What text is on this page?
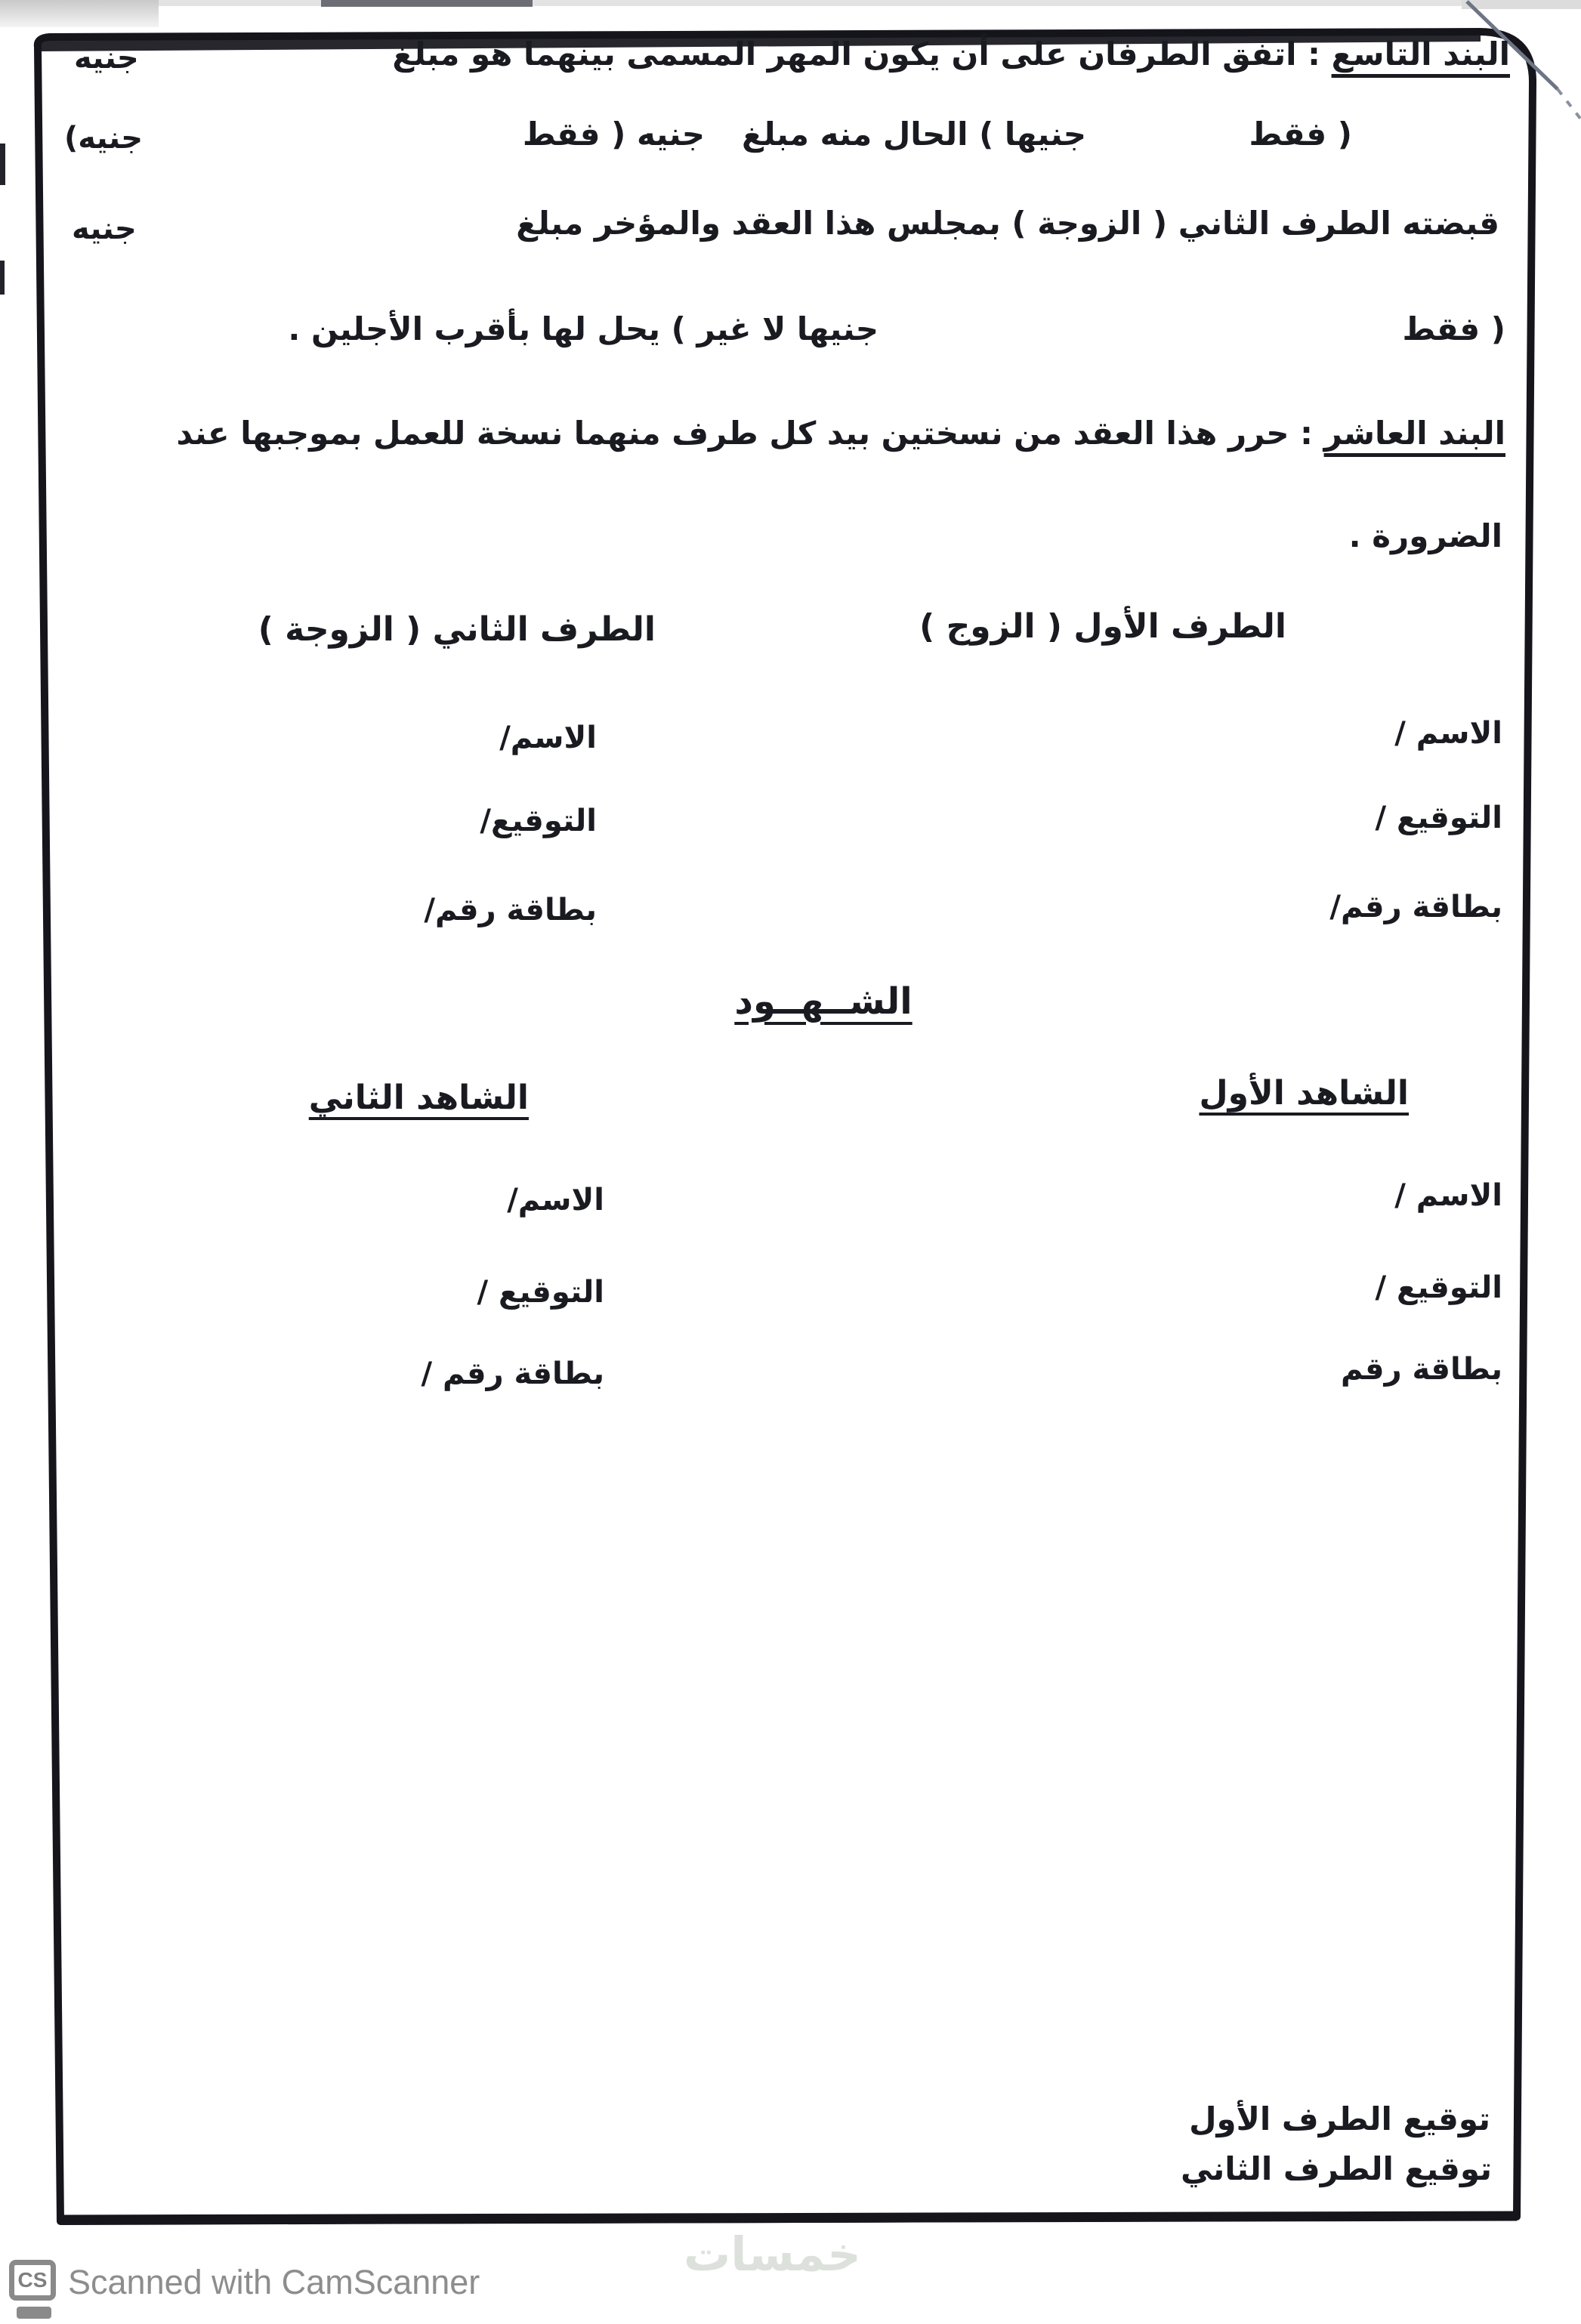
البند التاسع : اتفق الطرفان على أن يكون المهر المسمى بينهما هو مبلغ
جنيه
( فقط
جنيها ) الحال منه مبلغ
جنيه ( فقط
جنيه)
قبضته الطرف الثاني ( الزوجة ) بمجلس هذا العقد والمؤخر مبلغ
جنيه
( فقط
جنيها لا غير ) يحل لها بأقرب الأجلين .
البند العاشر : حرر هذا العقد من نسختين بيد كل طرف منهما نسخة للعمل بموجبها عند
الضرورة .
الطرف الأول ( الزوج )
الطرف الثاني ( الزوجة )
الاسم /
التوقيع /
بطاقة رقم/
الاسم/
التوقيع/
بطاقة رقم/
الشــهــود
الشاهد الأول
الشاهد الثاني
الاسم /
التوقيع /
بطاقة رقم
الاسم/
التوقيع /
بطاقة رقم /
توقيع الطرف الأول
توقيع الطرف الثاني
خمسات
CS Scanned with CamScanner
